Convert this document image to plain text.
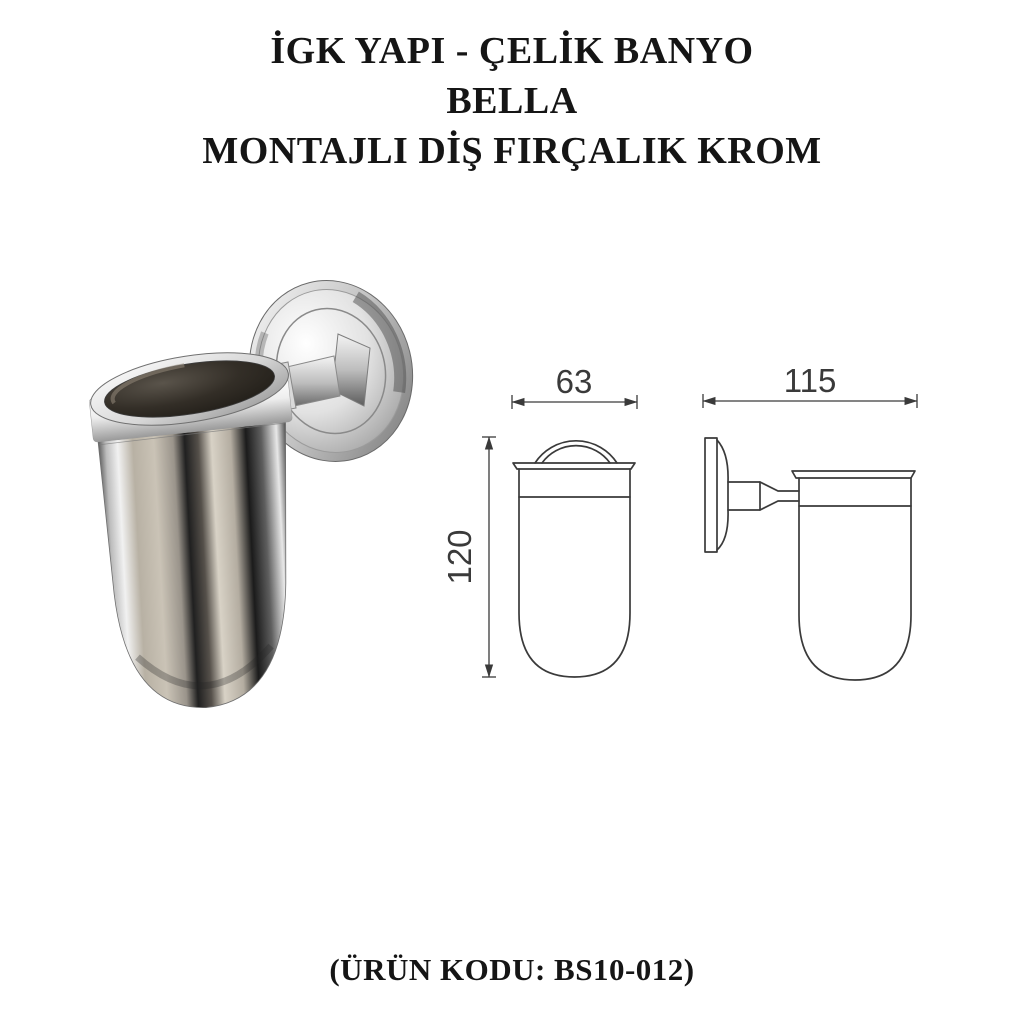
İGK YAPI - ÇELİK BANYO
BELLA
MONTAJLI DİŞ FIRÇALIK KROM
63	115
120
(ÜRÜN KODU: BS10-012)
